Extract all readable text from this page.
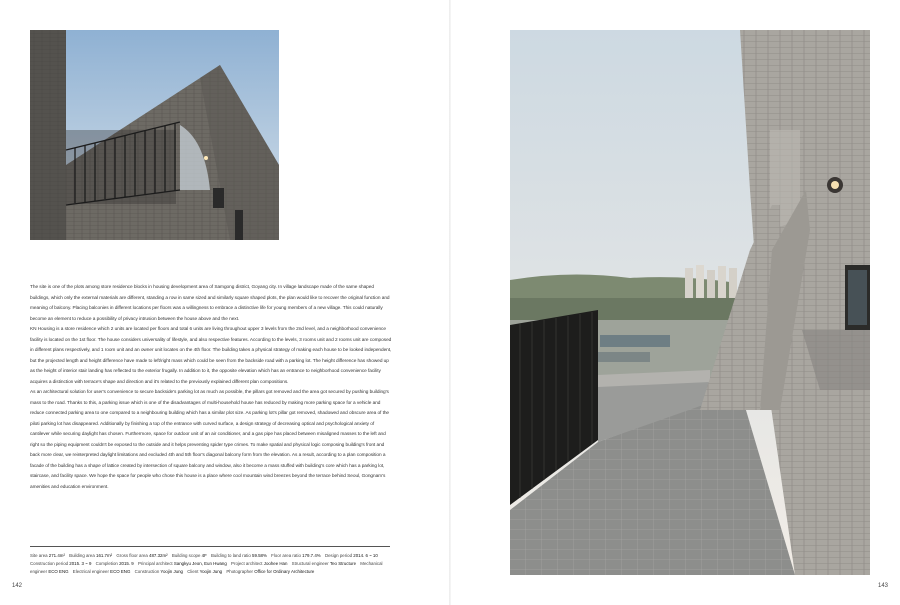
The site is one of the plots among store residence blocks in housing development area of Samgong district, Goyang city. In village landscape made of the same shaped buildings, which only the external materials are different, standing a row in same sized and similarly square shaped plots, the plan would like to recover the original function and meaning of balcony. Placing balconies in different locations per floors was a willingness to embrace a distinctive life for young members of a new village. This could naturally become an element to reduce a possibility of privacy intrusion between the house above and the next.

KN Housing is a store residence which 2 units are located per floors and total 6 units are living throughout upper 3 levels from the 2nd level, and a neighborhood convenience facility is located on the 1st floor. The house considers universality of lifestyle, and also respective features. According to the levels, 3 rooms unit and 2 rooms unit are composed in different plans respectively, and 1 room unit and an owner unit locates on the 4th floor. The building takes a physical strategy of making each house to be looked independent, but the projected length and height difference have made to left/right mass which could be seen from the backside road with a parking lot. The height difference has showed up as the height of interior stair landing has reflected to the exterior frugally. In addition to it, the opposite elevation which has an entrance to neighborhood convenience facility acquires a distinction with terrace's shape and direction and it's related to the previously explained different plan compositions.

As an architectural solution for user's convenience to secure backside's parking lot as much as possible, the pillars got removed and the area got secured by pushing building's mass to the road. Thanks to this, a parking issue which is one of the disadvantages of multi-household house has reduced by making more parking space for a vehicle and reduce connected parking area to one compared to a neighbouring building which has a similar plot size. As parking lot's pillar got removed, shadowed and obscure area of the piloti parking lot has disappeared. Additionally by finishing a top of the entrance with curved surface, a design strategy of decreasing optical and psychological anxiety of cantilever while securing daylight has chosen. Furthermore, space for outdoor unit of an air conditioner, and a gas pipe has placed between misaligned masses to the left and right so the piping equipment couldn't be exposed to the outside and it helps preventing spider type crimes. To make spatial and physical logic composing building's front and back more clear, we reinterpreted daylight limitations and excluded 4th and 5th floor's diagonal balcony form from the elevation. As a result, according to a plan composition a facade of the building has a shape of lattice created by intersection of square balcony and window, also it become a mass stuffed with building's core which has a parking lot, staircase, and facility space. We hope the space for people who chose this house is a place where cool mountain wind breezes beyond the terrace behind Seoul, Gongnam's amenities and education environment.

Site area 271.4m² Building area 161.7m² Gross floor area 487.32m² Building scope 4F Building to land ratio 59.58% Floor area ratio 179.7.4% Design period 2014. 6 ~ 10 Construction period 2015. 3 ~ 9 Completion 2015. 9 Principal architect Sangkyu Jeon, Eun Hwang Project architect Joohee Han Structural engineer Teo Structure Mechanical engineer ECO ENG Electrical engineer ECO ENG Construction Yoojin Jung Client Yoojin Jung Photographer Office for Ordinary Architecture
142	143
